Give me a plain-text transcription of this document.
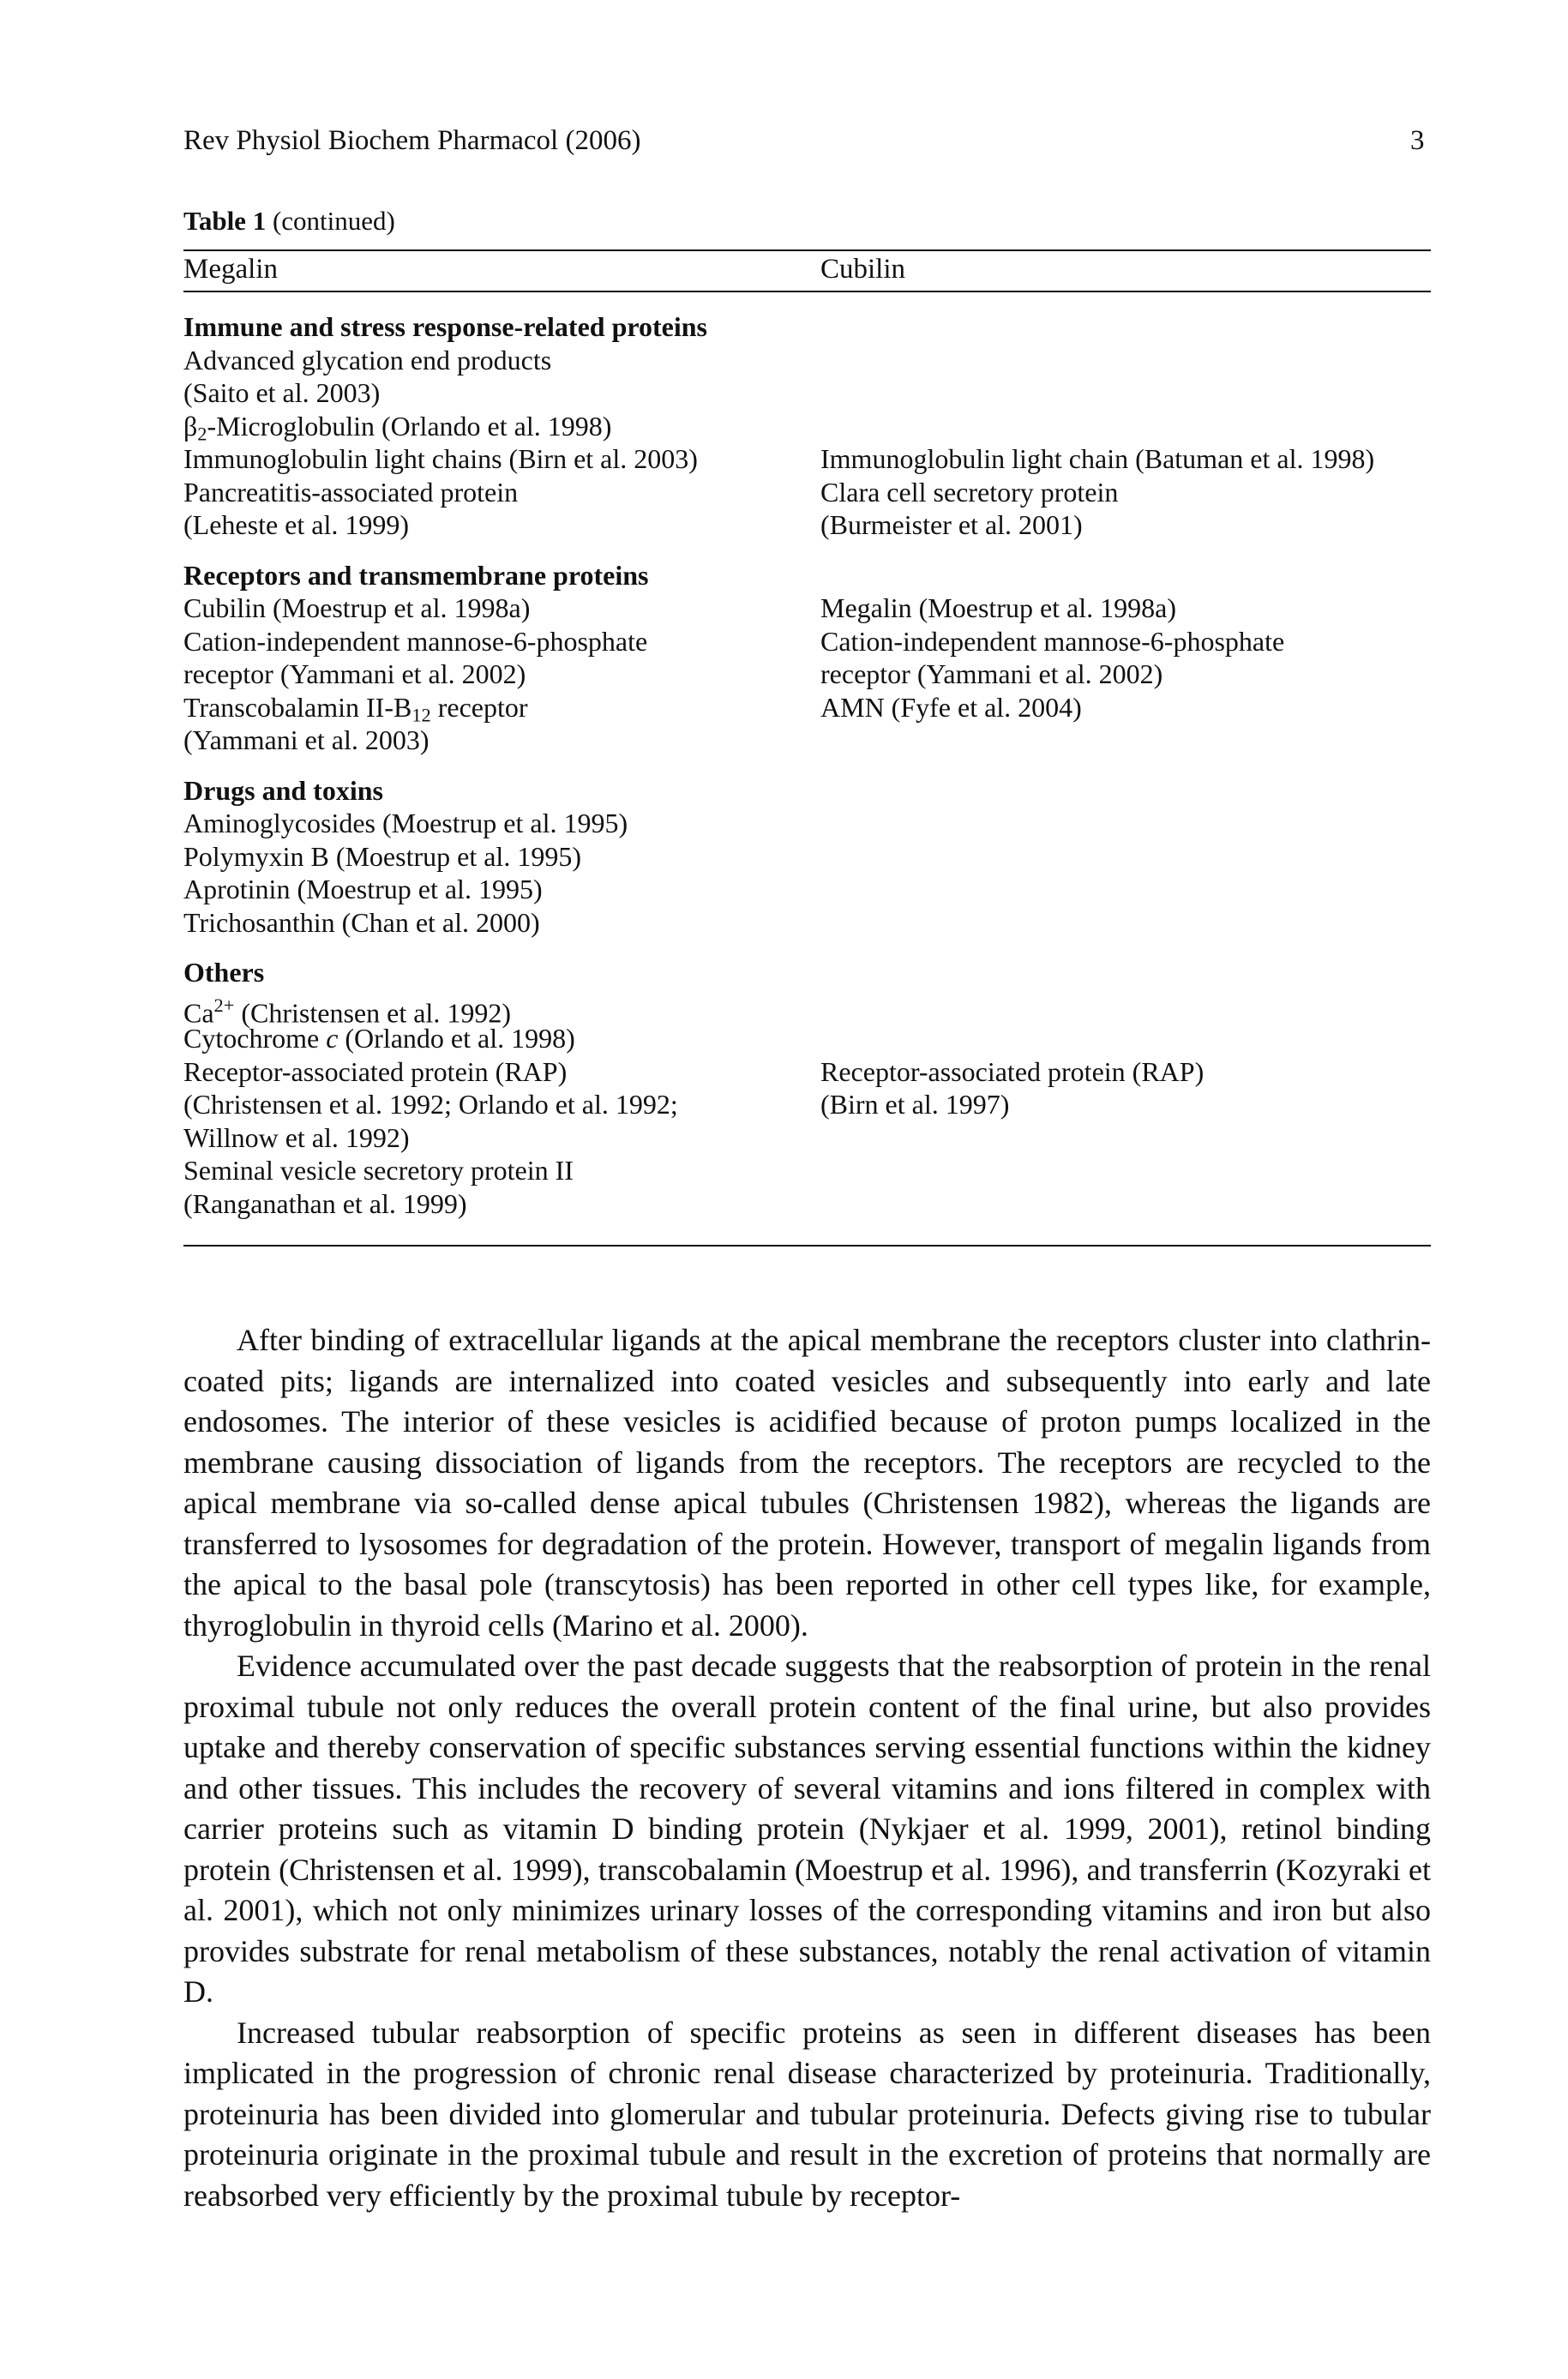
Rev Physiol Biochem Pharmacol (2006)	3
Table 1 (continued)
Megalin	Cubilin
Immune and stress response-related proteins
Advanced glycation end products
(Saito et al. 2003)
$\beta_2$-Microglobulin (Orlando et al. 1998)
Immunoglobulin light chains (Birn et al. 2003)
Pancreatitis-associated protein
(Leheste et al. 1999)
Receptors and transmembrane proteins
Cubilin (Moestrup et al. 1998a)
Cation-independent mannose-6-phosphate
receptor (Yammani et al. 2002)
Transcobalamin $II-B_{12}$ receptor
(Yammani et al. 2003)
Drugs and toxins
Aminoglycosides (Moestrup et al. 1995)
Polymyxin B (Moestrup et al. 1995)
Aprotinin (Moestrup et al. 1995)
Trichosanthin (Chan et al. 2000)
Others
$Ca^{2+}$ (Christensen et al. 1992)
Cytochrome c (Orlando et al. 1998)
Receptor-associated protein (RAP)
(Christensen et al. 1992; Orlando et al. 1992;
Willnow et al. 1992)
Seminal vesicle secretory protein II
(Ranganathan et al. 1999)
Immunoglobulin light chain (Batuman et al. 1998)
Clara cell secretory protein
(Burmeister et al. 2001)
Megalin (Moestrup et al. 1998a)
Cation-independent mannose-6-phosphate
receptor (Yammani et al. 2002)
AMN (Fyfe et al. 2004)
Receptor-associated protein (RAP)
(Birn et al. 1997)

After binding of extracellular ligands at the apical membrane the receptors cluster into clathrin-coated pits; ligands are internalized into coated vesicles and subsequently into early and late endosomes. The interior of these vesicles is acidified because of proton pumps localized in the membrane causing dissociation of ligands from the receptors. The receptors are recycled to the apical membrane via so-called dense apical tubules (Christensen 1982), whereas the ligands are transferred to lysosomes for degradation of the protein. However, transport of megalin ligands from the apical to the basal pole (transcytosis) has been reported in other cell types like, for example, thyroglobulin in thyroid cells (Marino et al. 2000).

Evidence accumulated over the past decade suggests that the reabsorption of protein in the renal proximal tubule not only reduces the overall protein content of the final urine, but also provides uptake and thereby conservation of specific substances serving essential functions within the kidney and other tissues. This includes the recovery of several vitamins and ions filtered in complex with carrier proteins such as vitamin D binding protein (Nykjaer et al. 1999, 2001), retinol binding protein (Christensen et al. 1999), transcobalamin (Moestrup et al. 1996), and transferrin (Kozyraki et al. 2001), which not only minimizes urinary losses of the corresponding vitamins and iron but also provides substrate for renal metabolism of these substances, notably the renal activation of vitamin D.

Increased tubular reabsorption of specific proteins as seen in different diseases has been implicated in the progression of chronic renal disease characterized by proteinuria. Traditionally, proteinuria has been divided into glomerular and tubular proteinuria. Defects giving rise to tubular proteinuria originate in the proximal tubule and result in the excretion of proteins that normally are reabsorbed very efficiently by the proximal tubule by receptor-
